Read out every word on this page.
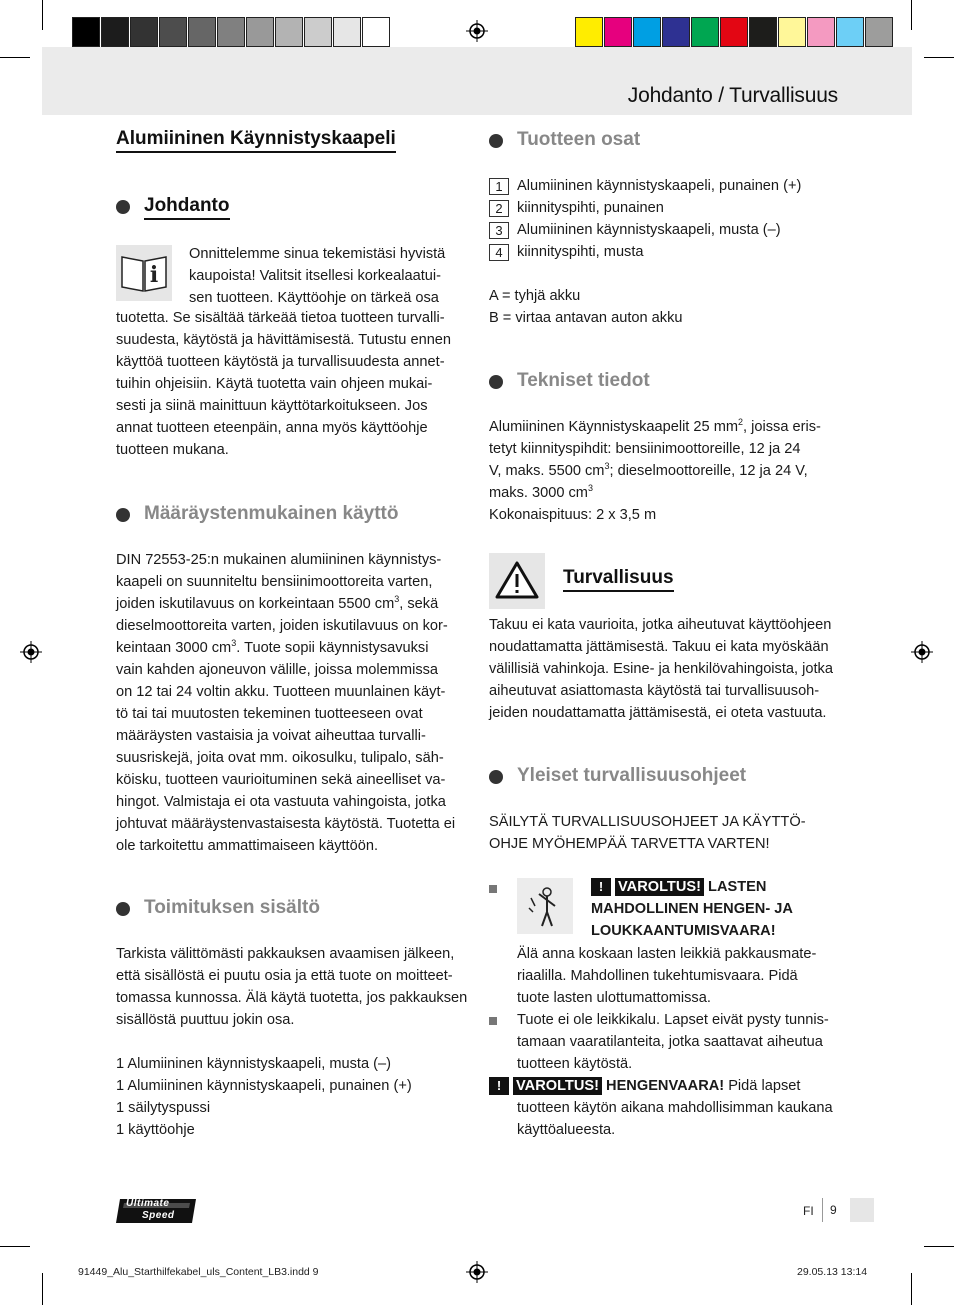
Johdanto / Turvallisuus
Alumiininen Käynnistyskaapeli
Johdanto
i
Onnittelemme sinua tekemistäsi hyvistä
kaupoista! Valitsit itsellesi korkealaatui-
sen tuotteen. Käyttöohje on tärkeä osa
tuotetta. Se sisältää tärkeää tietoa tuotteen turvalli-
suudesta, käytöstä ja hävittämisestä. Tutustu ennen
käyttöä tuotteen käytöstä ja turvallisuudesta annet-
tuihin ohjeisiin. Käytä tuotetta vain ohjeen mukai-
sesti ja siinä mainittuun käyttötarkoitukseen. Jos
annat tuotteen eteenpäin, anna myös käyttöohje
tuotteen mukana.
Määräystenmukainen käyttö
DIN 72553-25:n mukainen alumiininen käynnistys-
kaapeli on suunniteltu bensiinimoottoreita varten,
joiden iskutilavuus on korkeintaan 5500 $cm^3$, sekä
dieselmoottoreita varten, joiden iskutilavuus on kor-
keintaan 3000 $cm^3$. Tuote sopii käynnistysavuksi
vain kahden ajoneuvon välille, joissa molemmissa
on 12 tai 24 voltin akku. Tuotteen muunlainen käyt-
tö tai tai muutosten tekeminen tuotteeseen ovat
määräysten vastaisia ja voivat aiheuttaa turvalli-
suusriskejä, joita ovat mm. oikosulku, tulipalo, säh-
köisku, tuotteen vaurioituminen sekä aineelliset va-
hingot. Valmistaja ei ota vastuuta vahingoista, jotka
johtuvat määräystenvastaisesta käytöstä. Tuotetta ei
ole tarkoitettu ammattimaiseen käyttöön.
Toimituksen sisältö
Tarkista välittömästi pakkauksen avaamisen jälkeen,
että sisällöstä ei puutu osia ja että tuote on moitteet-
tomassa kunnossa. Älä käytä tuotetta, jos pakkauksen
sisällöstä puuttuu jokin osa.
1 Alumiininen käynnistyskaapeli, musta (–)
1 Alumiininen käynnistyskaapeli, punainen (+)
1 säilytyspussi
1 käyttöohje
Tuotteen osat
1 Alumiininen käynnistyskaapeli, punainen (+)
2 kiinnityspihti, punainen
3 Alumiininen käynnistyskaapeli, musta (–)
4 kiinnityspihti, musta
A = tyhjä akku
B = virtaa antavan auton akku
Tekniset tiedot
Alumiininen Käynnistyskaapelit 25 $mm^2$, joissa eris-
tetyt kiinnityspihdit: bensiinimoottoreille, 12 ja 24
V, maks. 5500 $cm^3$; dieselmoottoreille, 12 ja 24 V,
maks. 3000 $cm^3$
Kokonaispituus: 2 x 3,5 m
Turvallisuus
Takuu ei kata vaurioita, jotka aiheutuvat käyttöohjeen
noudattamatta jättämisestä. Takuu ei kata myöskään
välillisiä vahinkoja. Esine- ja henkilövahingoista, jotka
aiheutuvat asiattomasta käytöstä tai turvallisuusoh-
jeiden noudattamatta jättämisestä, ei oteta vastuuta.
Yleiset turvallisuusohjeet
SÄILYTÄ TURVALLISUUSOHJEET JA KÄYTTÖ-
OHJE MYÖHEMPÄÄ TARVETTA VARTEN!
! VAROLTUS! LASTEN
MAHDOLLINEN HENGEN- JA
LOUKKAANTUMISVAARA!
Älä anna koskaan lasten leikkiä pakkausmate-
riaalilla. Mahdollinen tukehtumisvaara. Pidä
tuote lasten ulottumattomissa.
Tuote ei ole leikkikalu. Lapset eivät pysty tunnis-
tamaan vaaratilanteita, jotka saattavat aiheutua
tuotteen käytöstä.
! VAROLTUS! HENGENVAARA! Pidä lapset
tuotteen käytön aikana mahdollisimman kaukana
käyttöalueesta.
Ultimate
Speed	FI 9
91449_Alu_Starthilfekabel_uls_Content_LB3.indd 9	29.05.13 13:14
